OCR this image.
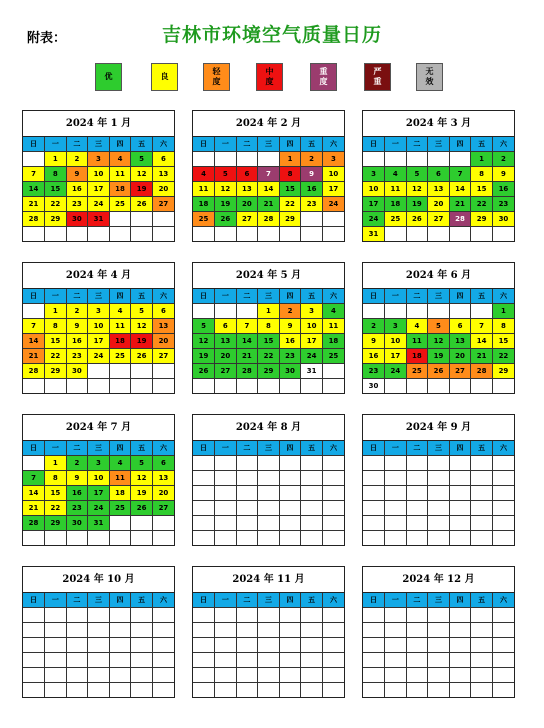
附表：	吉林市环境空气质量日历
优	良
轻
度
中
度
重
度
严
重
无
效
2024 年 1 月
日	一	二	三	四	五	六
	1	2	3	4	5	6
7	8	9	10	11	12	13
14	15	16	17	18	19	20
21	22	23	24	25	26	27
28	29	30	31			

2024 年 2 月
日	一	二	三	四	五	六
				1	2	3
4	5	6	7	8	9	10
11	12	13	14	15	16	17
18	19	20	21	22	23	24
25	26	27	28	29		

2024 年 3 月
日	一	二	三	四	五	六
					1	2
3	4	5	6	7	8	9
10	11	12	13	14	15	16
17	18	19	20	21	22	23
24	25	26	27	28	29	30
31						
2024 年 4 月
日	一	二	三	四	五	六
	1	2	3	4	5	6
7	8	9	10	11	12	13
14	15	16	17	18	19	20
21	22	23	24	25	26	27
28	29	30				

2024 年 5 月
日	一	二	三	四	五	六
			1	2	3	4
5	6	7	8	9	10	11
12	13	14	15	16	17	18
19	20	21	22	23	24	25
26	27	28	29	30	31	

2024 年 6 月
日	一	二	三	四	五	六
						1
2	3	4	5	6	7	8
9	10	11	12	13	14	15
16	17	18	19	20	21	22
23	24	25	26	27	28	29
30						
2024 年 7 月
日	一	二	三	四	五	六
	1	2	3	4	5	6
7	8	9	10	11	12	13
14	15	16	17	18	19	20
21	22	23	24	25	26	27
28	29	30	31			

2024 年 8 月
日	一	二	三	四	五	六

2024 年 9 月
日	一	二	三	四	五	六

2024 年 10 月
日	一	二	三	四	五	六

2024 年 11 月
日	一	二	三	四	五	六

2024 年 12 月
日	一	二	三	四	五	六
